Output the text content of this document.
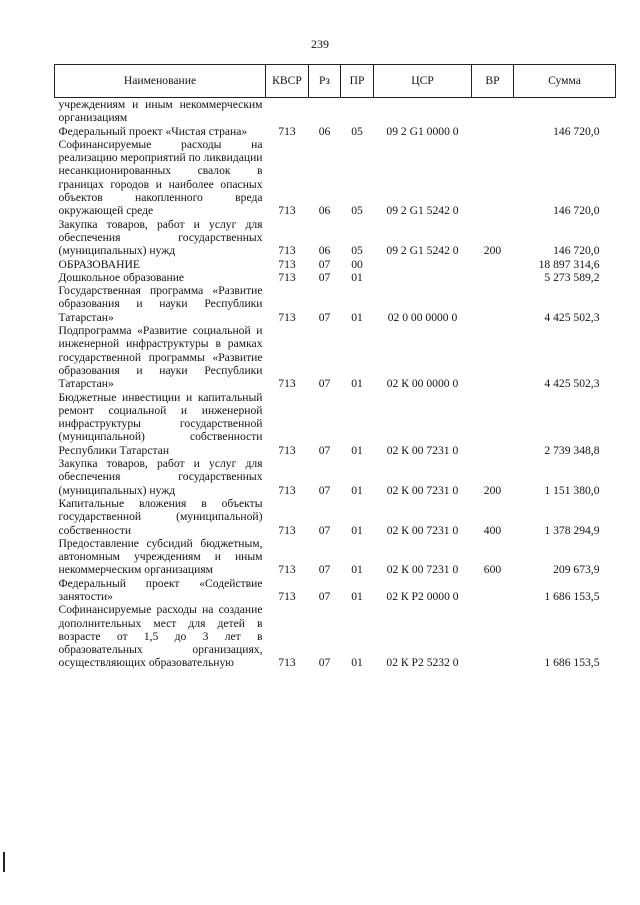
239
Наименование	КВСР	Рз	ПР	ЦСР	ВР	Сумма
учреждениям и иным некоммерческим организациям						
Федеральный проект «Чистая страна»	713	06	05	09 2 G1 0000 0		146 720,0
Софинансируемые расходы на реализацию мероприятий по ликвидации несанкционированных свалок в границах городов и наиболее опасных объектов накопленного вреда окружающей среде	713	06	05	09 2 G1 5242 0		146 720,0
Закупка товаров, работ и услуг для обеспечения государственных (муниципальных) нужд	713	06	05	09 2 G1 5242 0	200	146 720,0
ОБРАЗОВАНИЕ	713	07	00			18 897 314,6
Дошкольное образование	713	07	01			5 273 589,2
Государственная программа «Развитие образования и науки Республики Татарстан»	713	07	01	02 0 00 0000 0		4 425 502,3
Подпрограмма «Развитие социальной и инженерной инфраструктуры в рамках государственной программы «Развитие образования и науки Республики Татарстан»	713	07	01	02 К 00 0000 0		4 425 502,3
Бюджетные инвестиции и капитальный ремонт социальной и инженерной инфраструктуры государственной (муниципальной) собственности Республики Татарстан	713	07	01	02 К 00 7231 0		2 739 348,8
Закупка товаров, работ и услуг для обеспечения государственных (муниципальных) нужд	713	07	01	02 К 00 7231 0	200	1 151 380,0
Капитальные вложения в объекты государственной (муниципальной) собственности	713	07	01	02 К 00 7231 0	400	1 378 294,9
Предоставление субсидий бюджетным, автономным учреждениям и иным некоммерческим организациям	713	07	01	02 К 00 7231 0	600	209 673,9
Федеральный проект «Содействие занятости»	713	07	01	02 К P2 0000 0		1 686 153,5
Софинансируемые расходы на создание дополнительных мест для детей в возрасте от 1,5 до 3 лет в образовательных организациях, осуществляющих образовательную	713	07	01	02 К P2 5232 0		1 686 153,5
